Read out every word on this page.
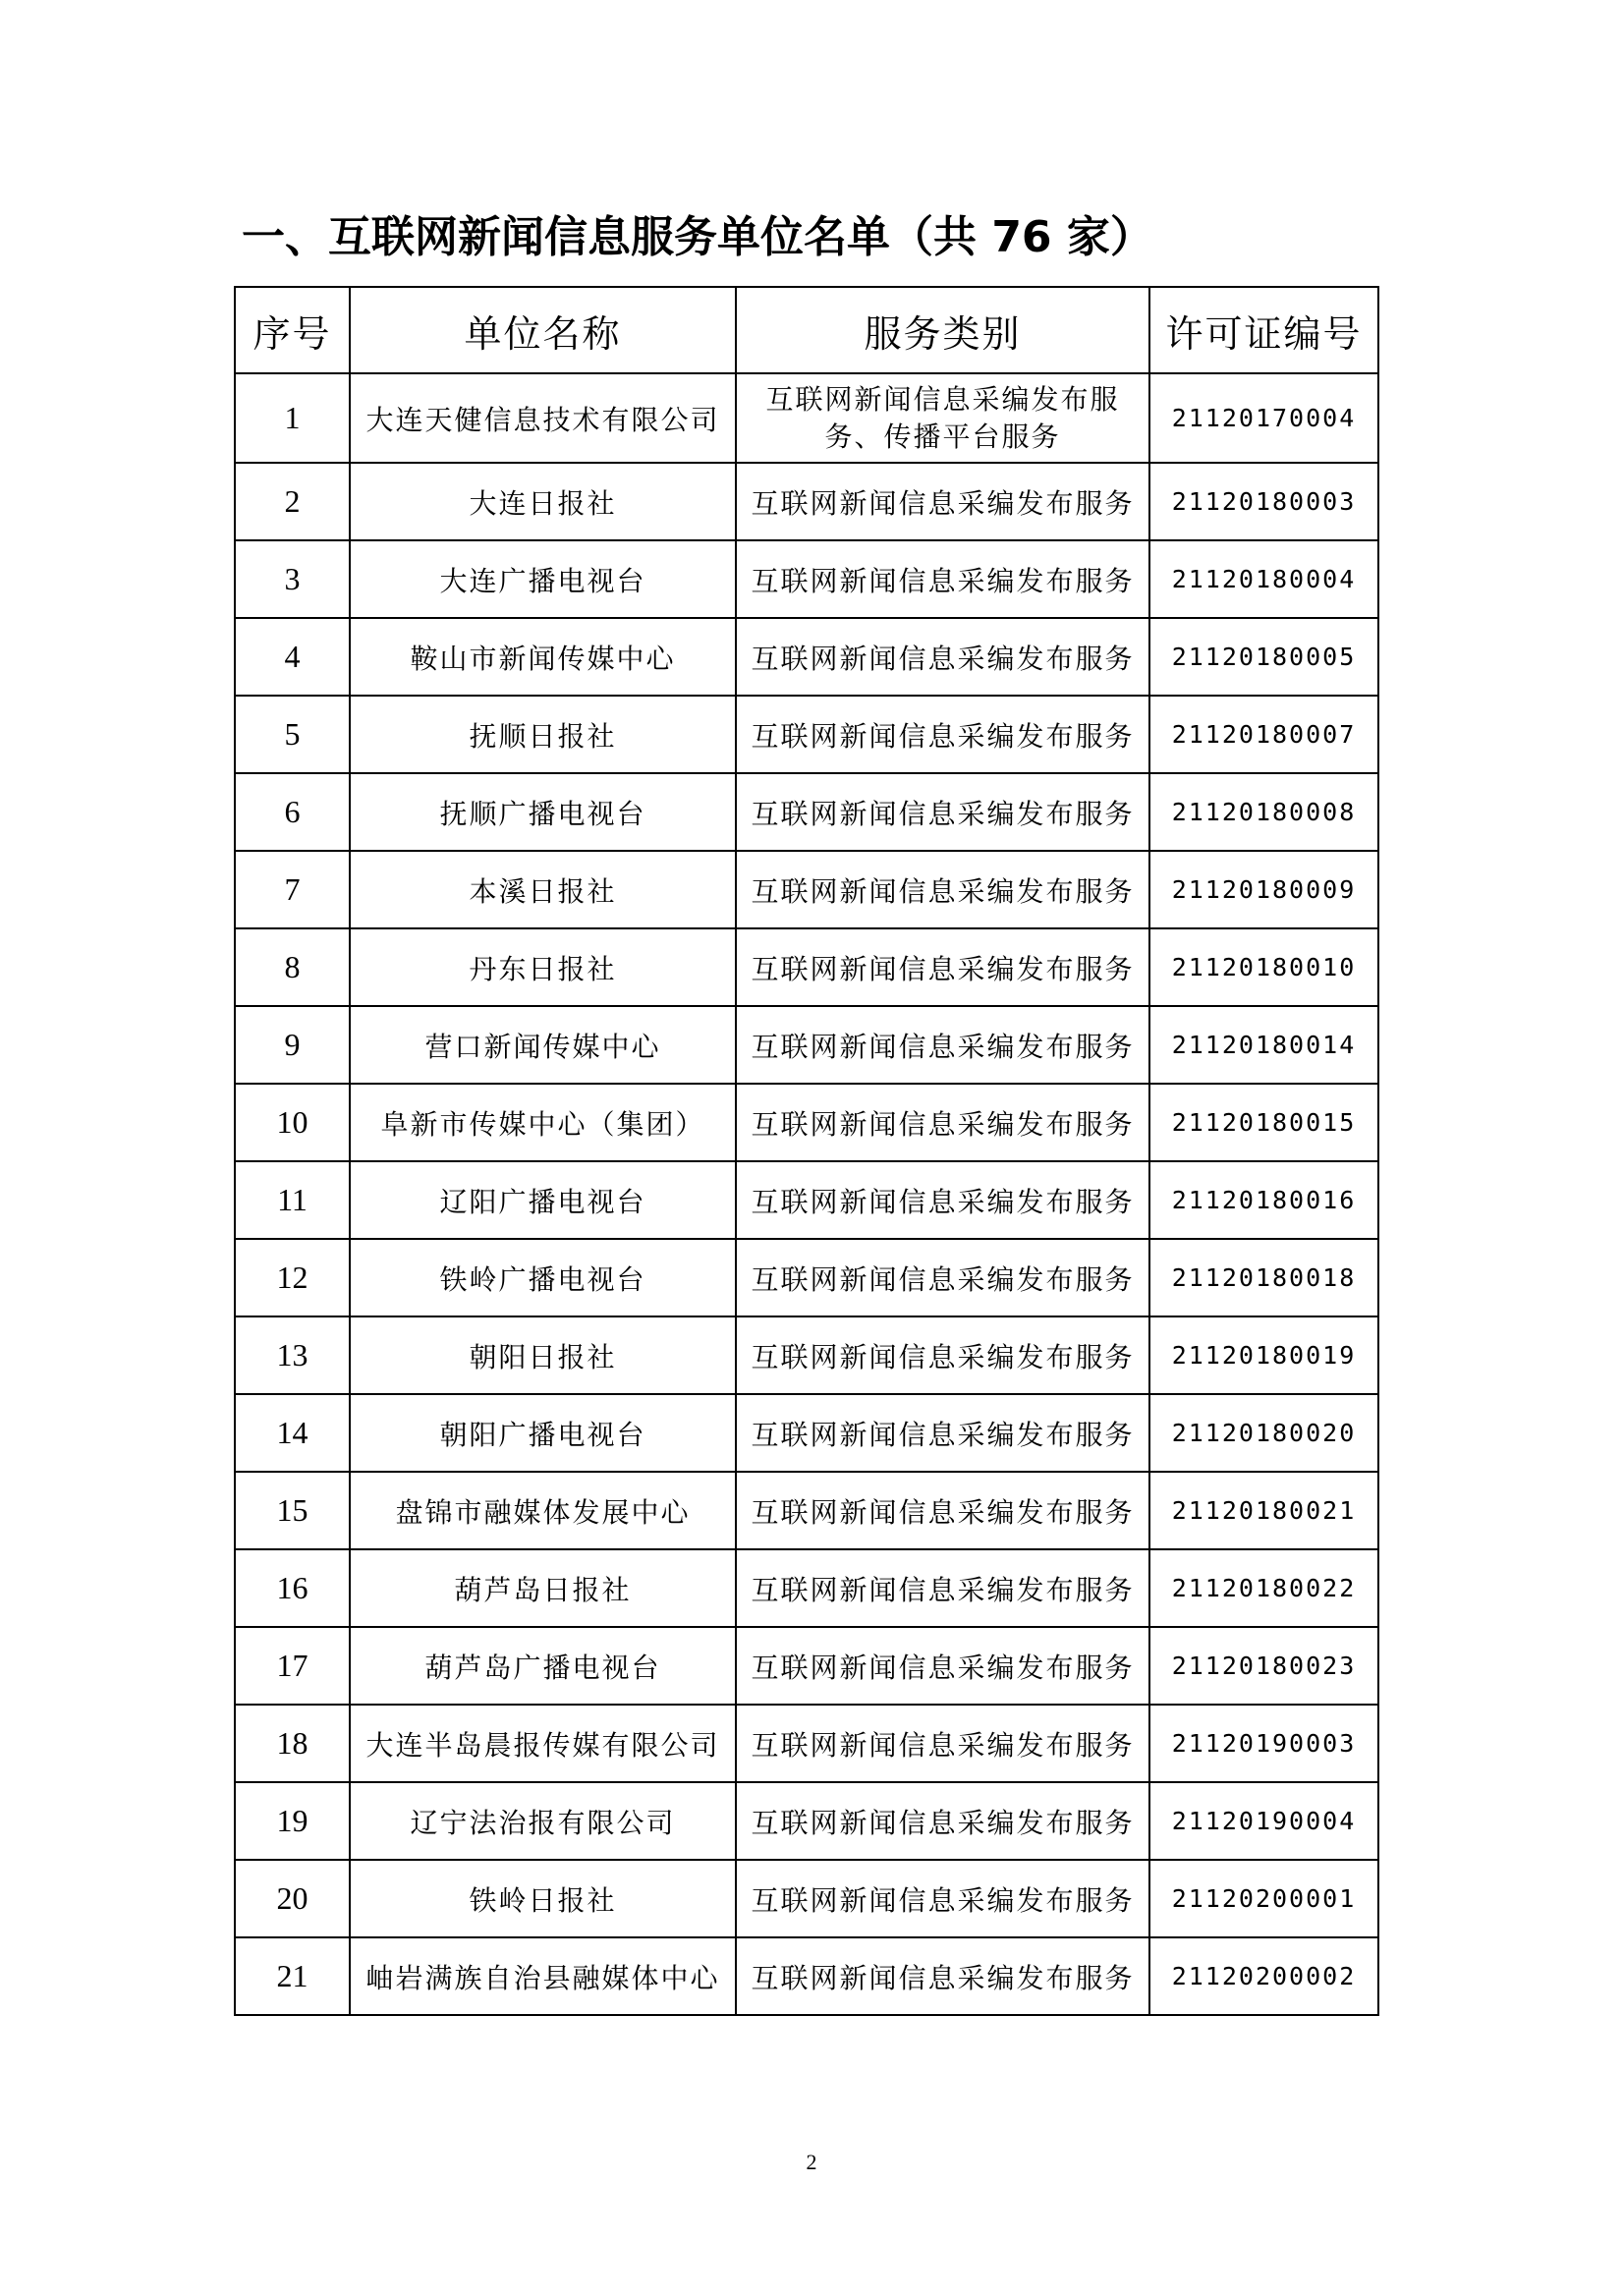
一、互联网新闻信息服务单位名单（共 76 家）
序号	单位名称	服务类别	许可证编号
1	大连天健信息技术有限公司	互联网新闻信息采编发布服务、传播平台服务	21120170004
2	大连日报社	互联网新闻信息采编发布服务	21120180003
3	大连广播电视台	互联网新闻信息采编发布服务	21120180004
4	鞍山市新闻传媒中心	互联网新闻信息采编发布服务	21120180005
5	抚顺日报社	互联网新闻信息采编发布服务	21120180007
6	抚顺广播电视台	互联网新闻信息采编发布服务	21120180008
7	本溪日报社	互联网新闻信息采编发布服务	21120180009
8	丹东日报社	互联网新闻信息采编发布服务	21120180010
9	营口新闻传媒中心	互联网新闻信息采编发布服务	21120180014
10	阜新市传媒中心（集团）	互联网新闻信息采编发布服务	21120180015
11	辽阳广播电视台	互联网新闻信息采编发布服务	21120180016
12	铁岭广播电视台	互联网新闻信息采编发布服务	21120180018
13	朝阳日报社	互联网新闻信息采编发布服务	21120180019
14	朝阳广播电视台	互联网新闻信息采编发布服务	21120180020
15	盘锦市融媒体发展中心	互联网新闻信息采编发布服务	21120180021
16	葫芦岛日报社	互联网新闻信息采编发布服务	21120180022
17	葫芦岛广播电视台	互联网新闻信息采编发布服务	21120180023
18	大连半岛晨报传媒有限公司	互联网新闻信息采编发布服务	21120190003
19	辽宁法治报有限公司	互联网新闻信息采编发布服务	21120190004
20	铁岭日报社	互联网新闻信息采编发布服务	21120200001
21	岫岩满族自治县融媒体中心	互联网新闻信息采编发布服务	21120200002
2
